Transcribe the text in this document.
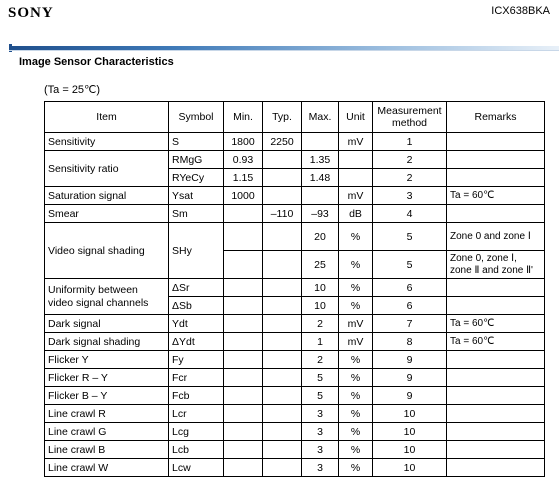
SONY	ICX638BKA
Image Sensor Characteristics
(Ta = 25℃)
Item	Symbol	Min.	Typ.	Max.	Unit	Measurement method	Remarks
Sensitivity	S	1800	2250		mV	1	
Sensitivity ratio	RMgG	0.93		1.35		2	
	RYeCy	1.15		1.48		2	
Saturation signal	Ysat	1000			mV	3	Ta = 60℃
Smear	Sm		–110	–93	dB	4	
Video signal shading	SHy			20	%	5	Zone 0 and zone Ⅰ
				25	%	5	Zone 0, zone Ⅰ, zone Ⅱ and zone Ⅱ'
Uniformity between video signal channels	ΔSr			10	%	6	
	ΔSb			10	%	6	
Dark signal	Ydt			2	mV	7	Ta = 60℃
Dark signal shading	ΔYdt			1	mV	8	Ta = 60℃
Flicker Y	Fy			2	%	9	
Flicker R – Y	Fcr			5	%	9	
Flicker B – Y	Fcb			5	%	9	
Line crawl R	Lcr			3	%	10	
Line crawl G	Lcg			3	%	10	
Line crawl B	Lcb			3	%	10	
Line crawl W	Lcw			3	%	10	
